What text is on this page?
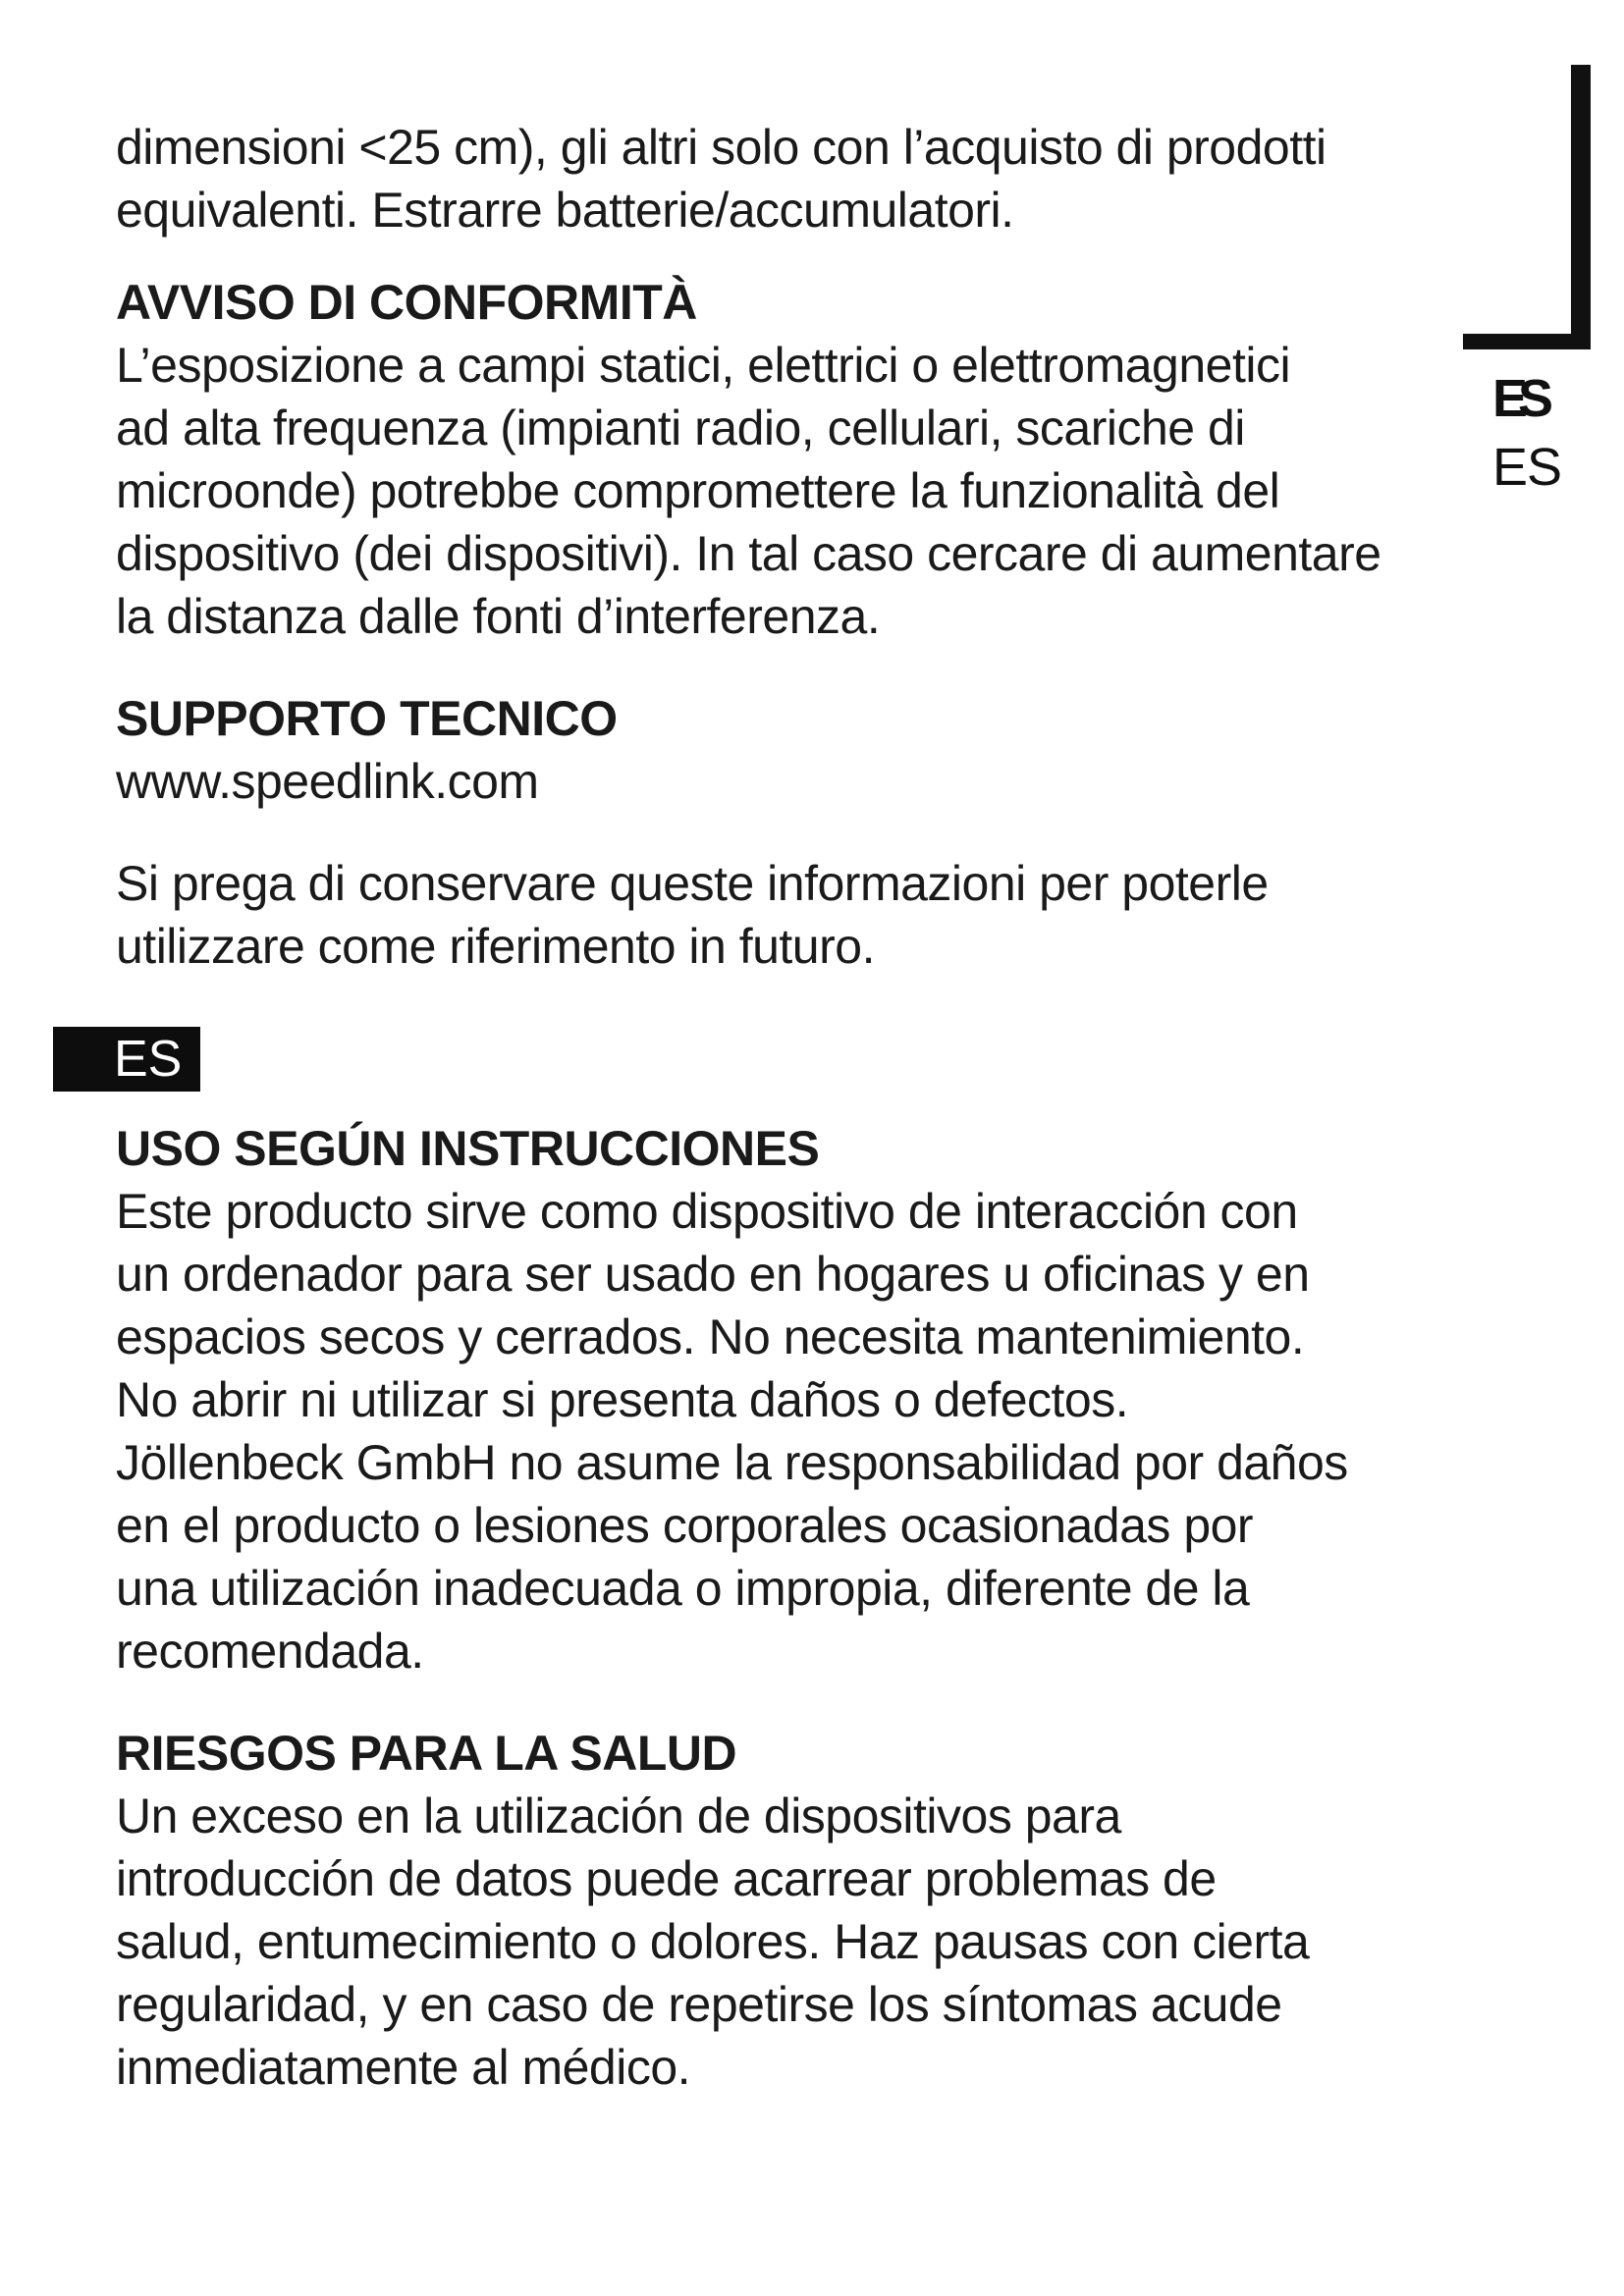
dimensioni <25 cm), gli altri solo con l’acquisto di prodotti

equivalenti. Estrarre batterie/accumulatori.

AVVISO DI CONFORMITÀ

L’esposizione a campi statici, elettrici o elettromagnetici

ad alta frequenza (impianti radio, cellulari, scariche di

microonde) potrebbe compromettere la funzionalità del

dispositivo (dei dispositivi). In tal caso cercare di aumentare

la distanza dalle fonti d’interferenza.

SUPPORTO TECNICO

www.speedlink.com

Si prega di conservare queste informazioni per poterle

utilizzare come riferimento in futuro.

ES
ES
ES
USO SEGÚN INSTRUCCIONES

Este producto sirve como dispositivo de interacción con

un ordenador para ser usado en hogares u oficinas y en

espacios secos y cerrados. No necesita mantenimiento.

No abrir ni utilizar si presenta daños o defectos.

Jöllenbeck GmbH no asume la responsabilidad por daños

en el producto o lesiones corporales ocasionadas por

una utilización inadecuada o impropia, diferente de la

recomendada.

RIESGOS PARA LA SALUD

Un exceso en la utilización de dispositivos para

introducción de datos puede acarrear problemas de

salud, entumecimiento o dolores. Haz pausas con cierta

regularidad, y en caso de repetirse los síntomas acude

inmediatamente al médico.
